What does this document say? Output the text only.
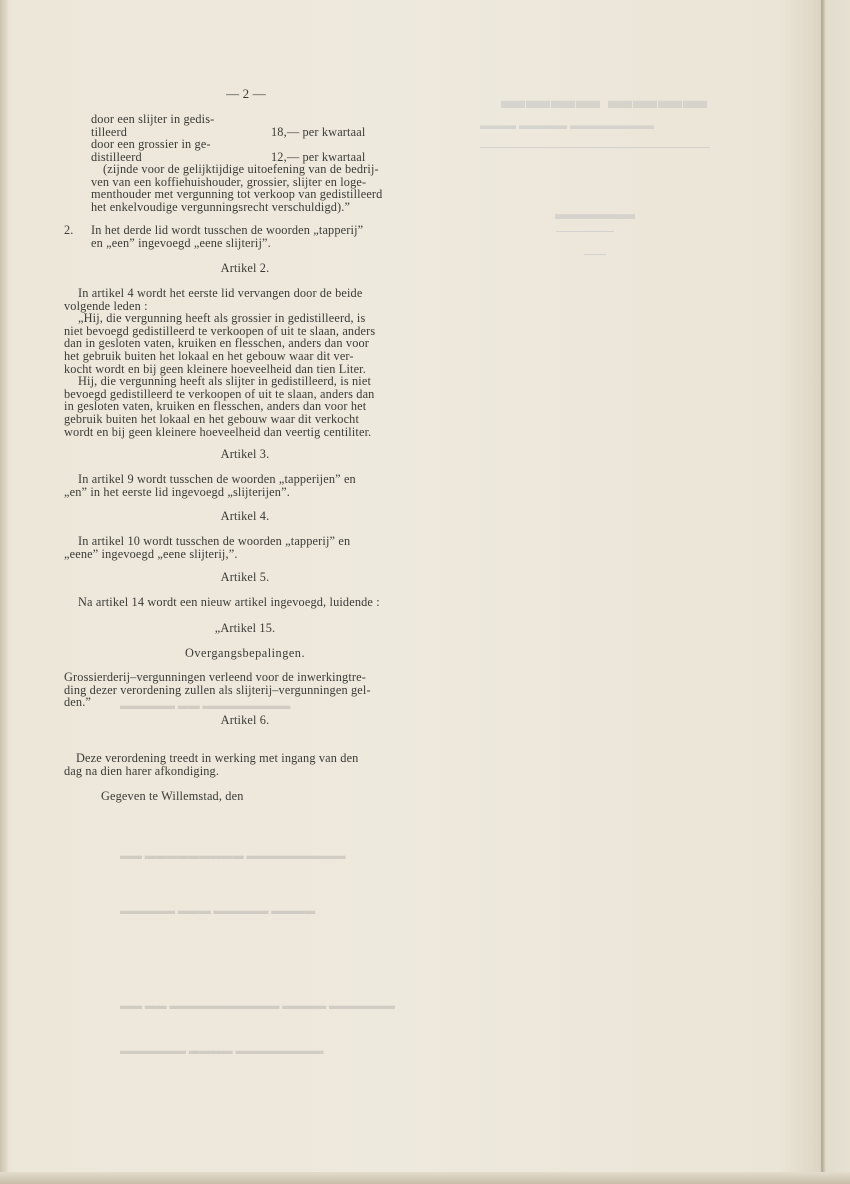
▬▬▬▬ ▬▬▬▬
▬▬▬▬▬▬▬ ▬▬▬▬ ▬▬▬
▬▬▬▬▬
— 2 —
door een slijter in gedis-
tilleerd	18,— per kwartaal
door een grossier in ge-
distilleerd	12,— per kwartaal
(zijnde voor de gelijktijdige uitoefening van de bedrij-
ven van een koffiehuishouder, grossier, slijter en loge-
menthouder met vergunning tot verkoop van gedistilleerd
het enkelvoudige vergunningsrecht verschuldigd).”
2. In het derde lid wordt tusschen de woorden „tapperij”
en „een” ingevoegd „eene slijterij”.
Artikel 2.
In artikel 4 wordt het eerste lid vervangen door de beide
volgende leden :
„Hij, die vergunning heeft als grossier in gedistilleerd, is
niet bevoegd gedistilleerd te verkoopen of uit te slaan, anders
dan in gesloten vaten, kruiken en flesschen, anders dan voor
het gebruik buiten het lokaal en het gebouw waar dit ver-
kocht wordt en bij geen kleinere hoeveelheid dan tien Liter.
Hij, die vergunning heeft als slijter in gedistilleerd, is niet
bevoegd gedistilleerd te verkoopen of uit te slaan, anders dan
in gesloten vaten, kruiken en flesschen, anders dan voor het
gebruik buiten het lokaal en het gebouw waar dit verkocht
wordt en bij geen kleinere hoeveelheid dan veertig centiliter.
Artikel 3.
In artikel 9 wordt tusschen de woorden „tapperijen” en
„en” in het eerste lid ingevoegd „slijterijen”.
Artikel 4.
In artikel 10 wordt tusschen de woorden „tapperij” en
„eene” ingevoegd „eene slijterij,”.
Artikel 5.
Na artikel 14 wordt een nieuw artikel ingevoegd, luidende :
„Artikel 15.
Overgangsbepalingen.
Grossierderij–vergunningen verleend voor de inwerkingtre-
ding dezer verordening zullen als slijterij–vergunningen gel-
den.”
Artikel 6.
Deze verordening treedt in werking met ingang van den
dag na dien harer afkondiging.
Gegeven te Willemstad, den
▬▬▬▬▬▬▬▬ ▬▬ ▬▬▬▬▬
▬▬▬▬▬▬▬▬▬ ▬▬▬▬▬▬▬▬▬ ▬▬
▬▬▬▬ ▬▬▬▬▬ ▬▬▬ ▬▬▬▬▬
▬▬▬▬▬▬ ▬▬▬▬ ▬▬▬▬▬▬▬▬▬▬ ▬▬ ▬▬
▬▬▬▬▬▬▬▬ ▬▬▬▬ ▬▬▬▬▬▬
